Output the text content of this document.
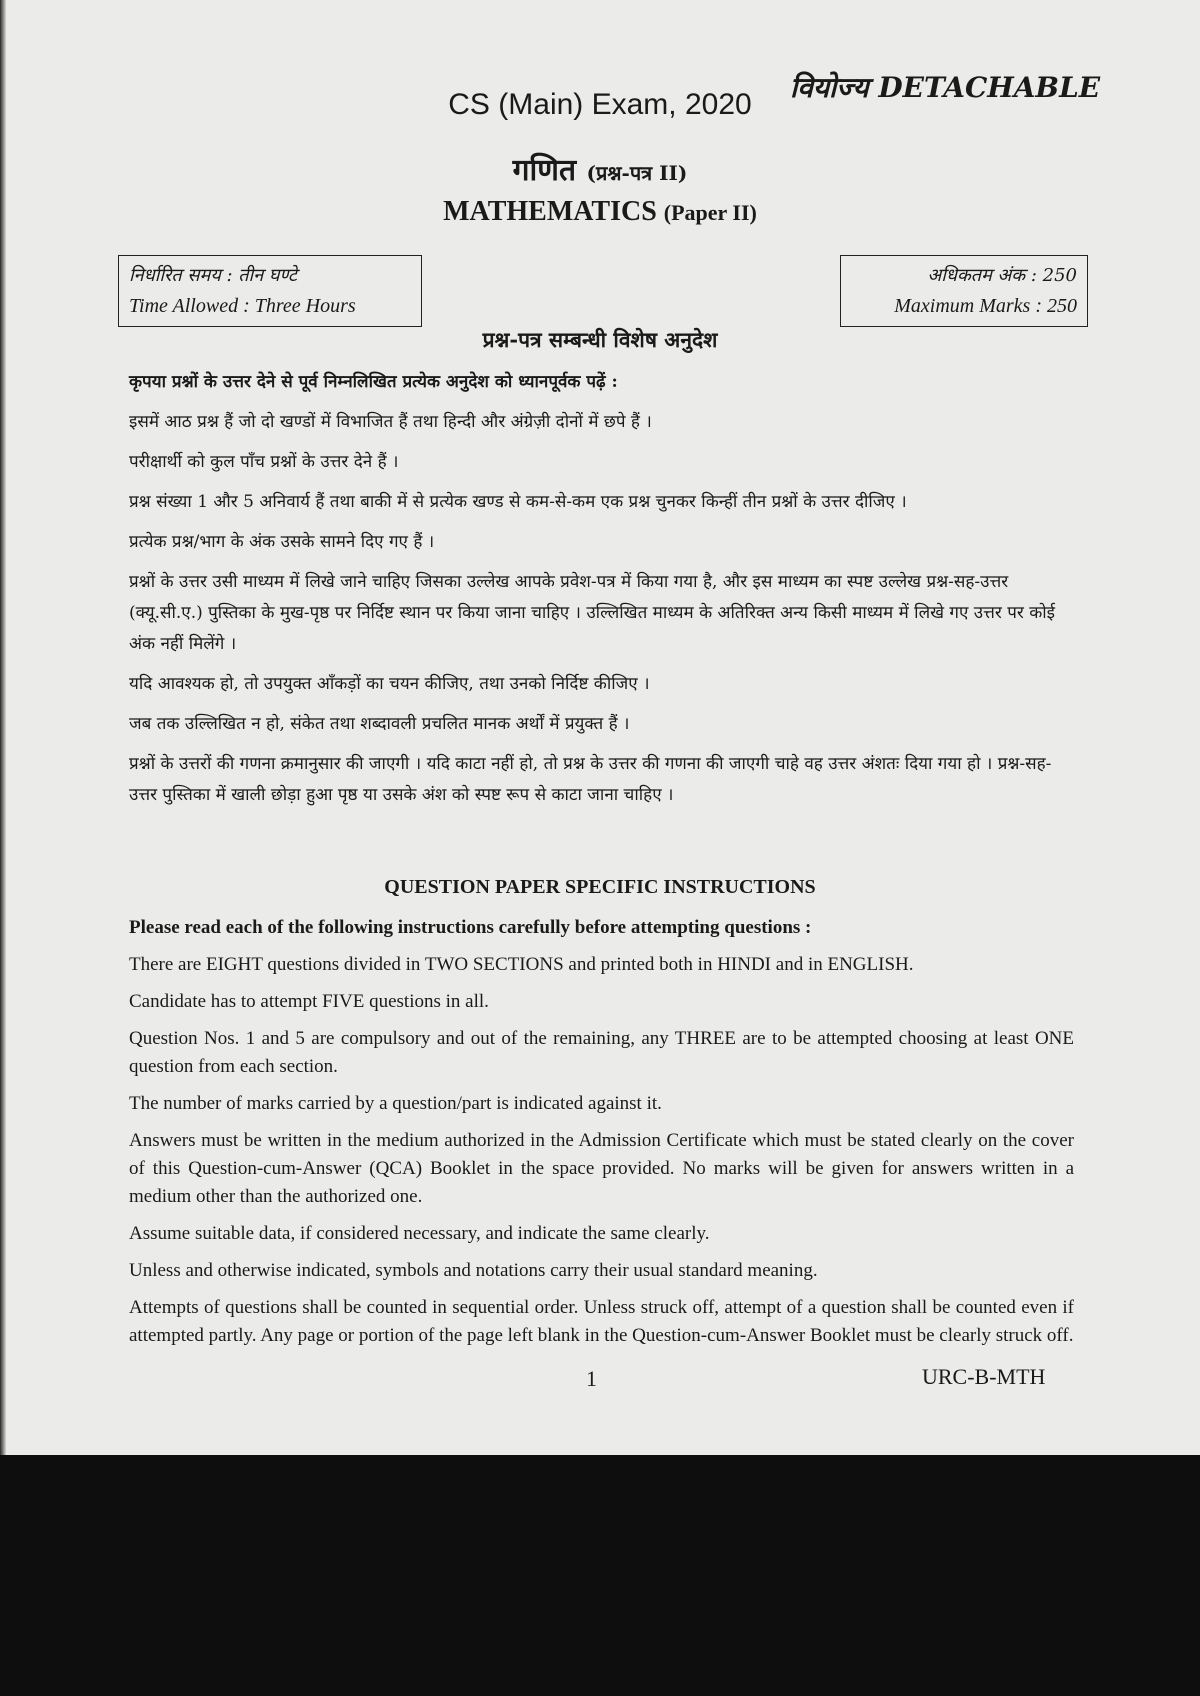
वियोज्य DETACHABLE
CS (Main) Exam, 2020
गणित (प्रश्न-पत्र II)
MATHEMATICS (Paper II)
निर्धारित समय : तीन घण्टे
Time Allowed : Three Hours
अधिकतम अंक : 250
Maximum Marks : 250
प्रश्न-पत्र सम्बन्धी विशेष अनुदेश

कृपया प्रश्नों के उत्तर देने से पूर्व निम्नलिखित प्रत्येक अनुदेश को ध्यानपूर्वक पढ़ें :

इसमें आठ प्रश्न हैं जो दो खण्डों में विभाजित हैं तथा हिन्दी और अंग्रेज़ी दोनों में छपे हैं ।

परीक्षार्थी को कुल पाँच प्रश्नों के उत्तर देने हैं ।

प्रश्न संख्या 1 और 5 अनिवार्य हैं तथा बाकी में से प्रत्येक खण्ड से कम-से-कम एक प्रश्न चुनकर किन्हीं तीन प्रश्नों के उत्तर दीजिए ।

प्रत्येक प्रश्न/भाग के अंक उसके सामने दिए गए हैं ।

प्रश्नों के उत्तर उसी माध्यम में लिखे जाने चाहिए जिसका उल्लेख आपके प्रवेश-पत्र में किया गया है, और इस माध्यम का स्पष्ट उल्लेख प्रश्न-सह-उत्तर (क्यू.सी.ए.) पुस्तिका के मुख-पृष्ठ पर निर्दिष्ट स्थान पर किया जाना चाहिए । उल्लिखित माध्यम के अतिरिक्त अन्य किसी माध्यम में लिखे गए उत्तर पर कोई अंक नहीं मिलेंगे ।

यदि आवश्यक हो, तो उपयुक्त आँकड़ों का चयन कीजिए, तथा उनको निर्दिष्ट कीजिए ।

जब तक उल्लिखित न हो, संकेत तथा शब्दावली प्रचलित मानक अर्थों में प्रयुक्त हैं ।

प्रश्नों के उत्तरों की गणना क्रमानुसार की जाएगी । यदि काटा नहीं हो, तो प्रश्न के उत्तर की गणना की जाएगी चाहे वह उत्तर अंशतः दिया गया हो । प्रश्न-सह-उत्तर पुस्तिका में खाली छोड़ा हुआ पृष्ठ या उसके अंश को स्पष्ट रूप से काटा जाना चाहिए ।

QUESTION PAPER SPECIFIC INSTRUCTIONS

Please read each of the following instructions carefully before attempting questions :

There are EIGHT questions divided in TWO SECTIONS and printed both in HINDI and in ENGLISH.

Candidate has to attempt FIVE questions in all.

Question Nos. 1 and 5 are compulsory and out of the remaining, any THREE are to be attempted choosing at least ONE question from each section.

The number of marks carried by a question/part is indicated against it.

Answers must be written in the medium authorized in the Admission Certificate which must be stated clearly on the cover of this Question-cum-Answer (QCA) Booklet in the space provided. No marks will be given for answers written in a medium other than the authorized one.

Assume suitable data, if considered necessary, and indicate the same clearly.

Unless and otherwise indicated, symbols and notations carry their usual standard meaning.

Attempts of questions shall be counted in sequential order. Unless struck off, attempt of a question shall be counted even if attempted partly. Any page or portion of the page left blank in the Question-cum-Answer Booklet must be clearly struck off.

1	URC-B-MTH
